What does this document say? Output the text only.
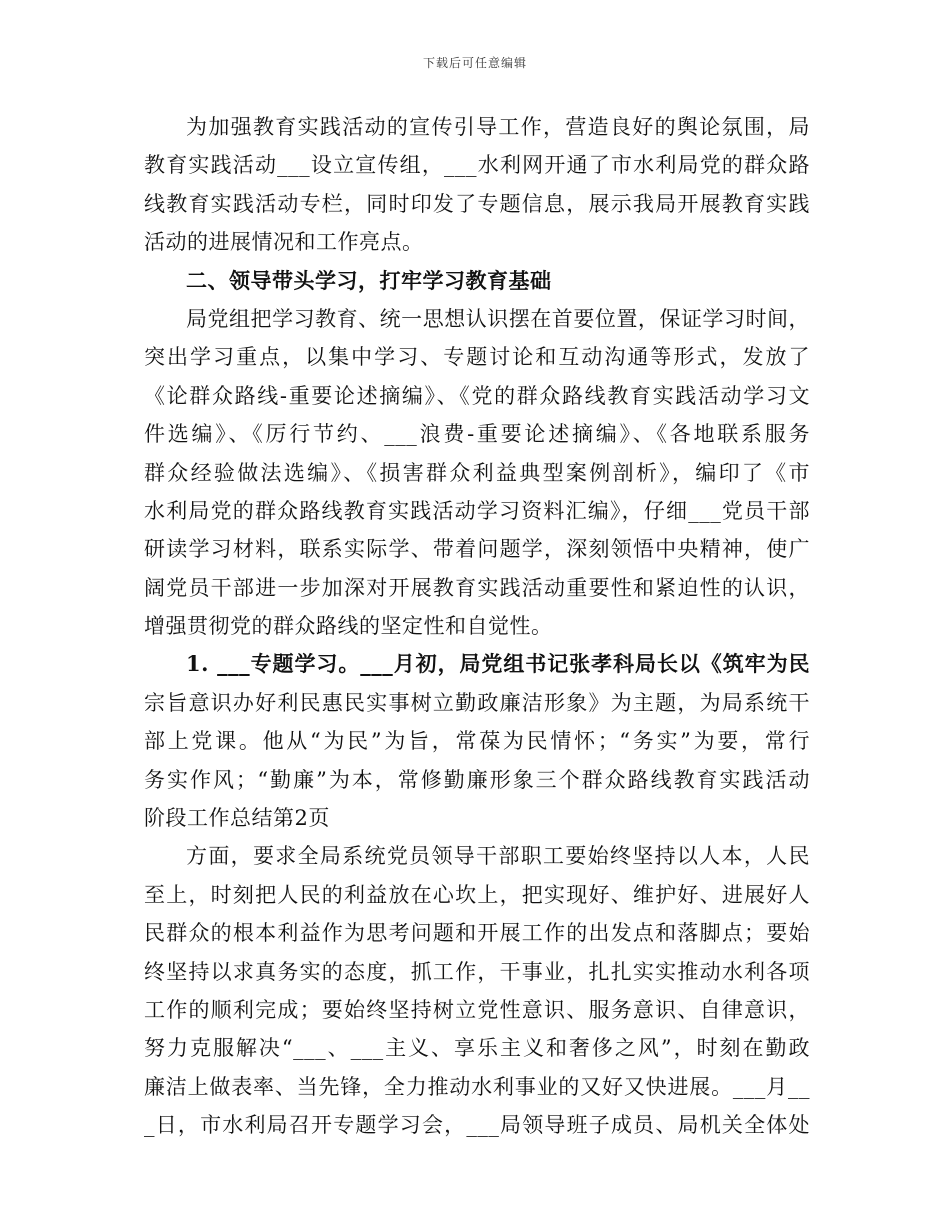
下载后可任意编辑
为加强教育实践活动的宣传引导工作，营造良好的舆论氛围，局
教育实践活动___设立宣传组，___水利网开通了市水利局党的群众路
线教育实践活动专栏，同时印发了专题信息，展示我局开展教育实践
活动的进展情况和工作亮点。
二、领导带头学习，打牢学习教育基础
局党组把学习教育、统一思想认识摆在首要位置，保证学习时间，
突出学习重点，以集中学习、专题讨论和互动沟通等形式，发放了
《论群众路线-重要论述摘编》、《党的群众路线教育实践活动学习文
件选编》、《厉行节约、___浪费-重要论述摘编》、《各地联系服务
群众经验做法选编》、《损害群众利益典型案例剖析》，编印了《市
水利局党的群众路线教育实践活动学习资料汇编》，仔细___党员干部
研读学习材料，联系实际学、带着问题学，深刻领悟中央精神，使广
阔党员干部进一步加深对开展教育实践活动重要性和紧迫性的认识，
增强贯彻党的群众路线的坚定性和自觉性。
1. ___专题学习。___月初，局党组书记张孝科局长以《筑牢为民
宗旨意识办好利民惠民实事树立勤政廉洁形象》为主题，为局系统干
部上党课。他从“为民”为旨，常葆为民情怀；“务实”为要，常行
务实作风；“勤廉”为本，常修勤廉形象三个群众路线教育实践活动
阶段工作总结第2页
方面，要求全局系统党员领导干部职工要始终坚持以人本，人民
至上，时刻把人民的利益放在心坎上，把实现好、维护好、进展好人
民群众的根本利益作为思考问题和开展工作的出发点和落脚点；要始
终坚持以求真务实的态度，抓工作，干事业，扎扎实实推动水利各项
工作的顺利完成；要始终坚持树立党性意识、服务意识、自律意识，
努力克服解决“___、___主义、享乐主义和奢侈之风”，时刻在勤政
廉洁上做表率、当先锋，全力推动水利事业的又好又快进展。___月__
_日，市水利局召开专题学习会，___局领导班子成员、局机关全体处
